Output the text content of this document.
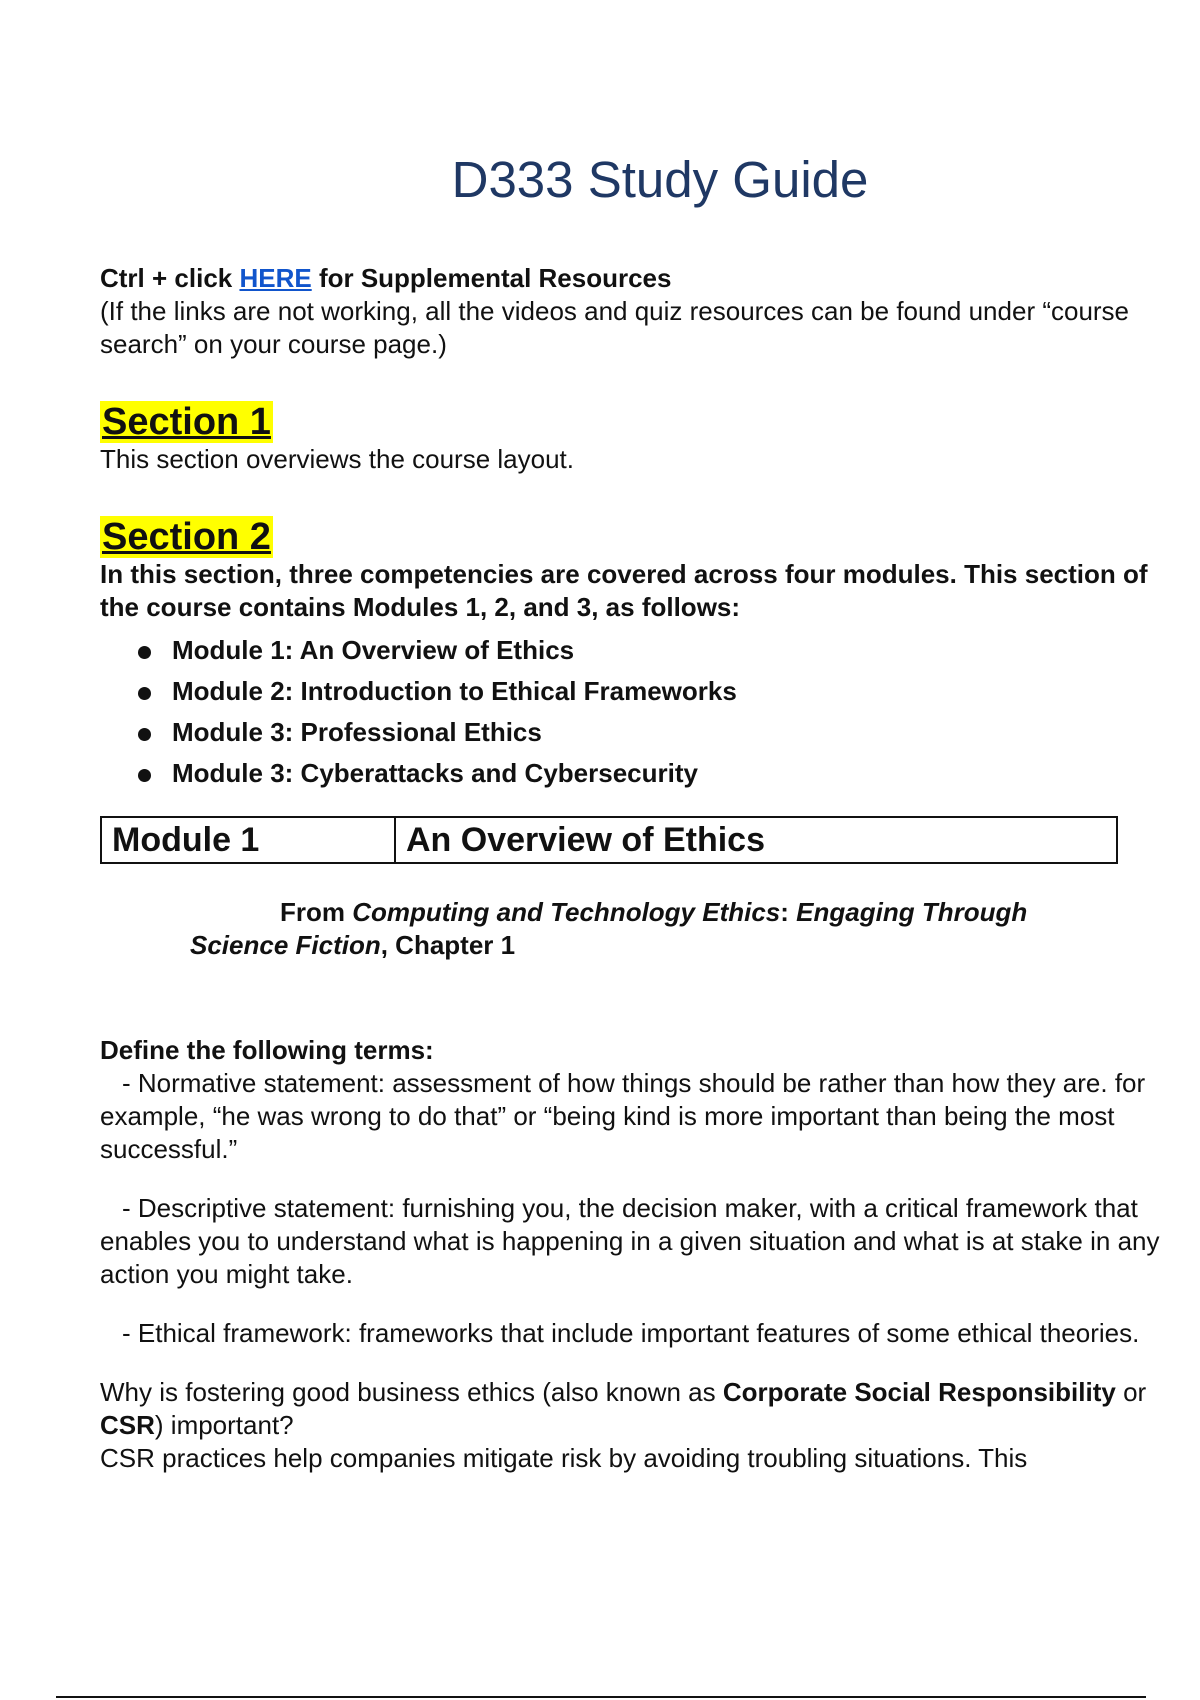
D333 Study Guide

Ctrl + click HERE for Supplemental Resources

(If the links are not working, all the videos and quiz resources can be found under “course search” on your course page.)

Section 1

This section overviews the course layout.

Section 2

In this section, three competencies are covered across four modules. This section of the course contains Modules 1, 2, and 3, as follows:

Module 1: An Overview of Ethics
Module 2: Introduction to Ethical Frameworks
Module 3: Professional Ethics
Module 3: Cyberattacks and Cybersecurity
Module 1	An Overview of Ethics
From Computing and Technology Ethics: Engaging Through
Science Fiction, Chapter 1

Define the following terms:

- Normative statement: assessment of how things should be rather than how they are. for example, “he was wrong to do that” or “being kind is more important than being the most successful.”

- Descriptive statement: furnishing you, the decision maker, with a critical framework that enables you to understand what is happening in a given situation and what is at stake in any action you might take.

- Ethical framework: frameworks that include important features of some ethical theories.

Why is fostering good business ethics (also known as Corporate Social Responsibility or CSR) important?

CSR practices help companies mitigate risk by avoiding troubling situations. This
